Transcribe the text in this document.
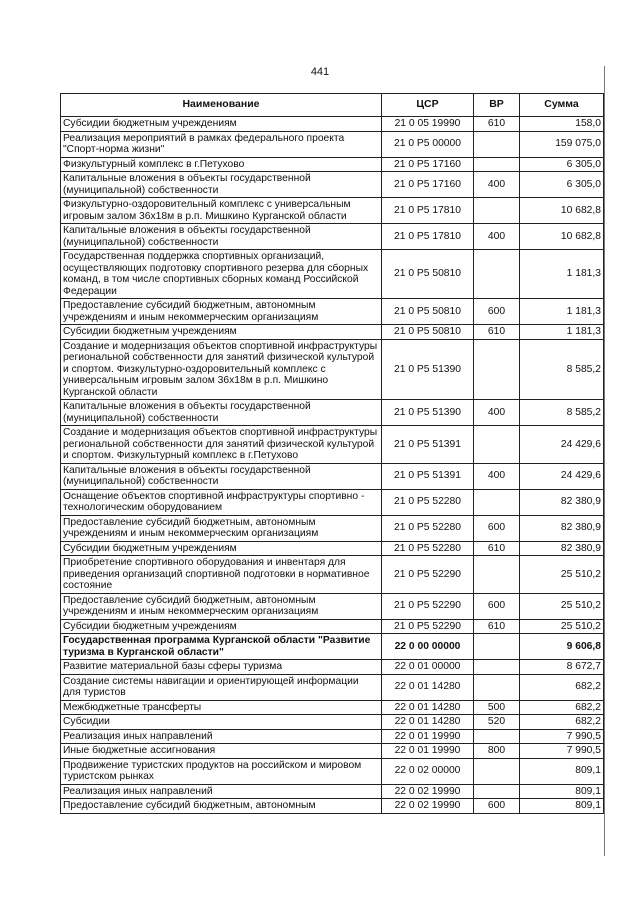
441
Наименование	ЦСР	ВР	Сумма
Субсидии бюджетным учреждениям	21 0 05 19990	610	158,0
Реализация мероприятий в рамках федерального проекта "Спорт-норма жизни"	21 0 P5 00000		159 075,0
Физкультурный комплекс в г.Петухово	21 0 P5 17160		6 305,0
Капитальные вложения в объекты государственной (муниципальной) собственности	21 0 P5 17160	400	6 305,0
Физкультурно-оздоровительный комплекс с универсальным игровым залом 36х18м в р.п. Мишкино Курганской области	21 0 P5 17810		10 682,8
Капитальные вложения в объекты государственной (муниципальной) собственности	21 0 P5 17810	400	10 682,8
Государственная поддержка спортивных организаций, осуществляющих подготовку спортивного резерва для сборных команд, в том числе спортивных сборных команд Российской Федерации	21 0 P5 50810		1 181,3
Предоставление субсидий бюджетным, автономным учреждениям и иным некоммерческим организациям	21 0 P5 50810	600	1 181,3
Субсидии бюджетным учреждениям	21 0 P5 50810	610	1 181,3
Создание и модернизация объектов спортивной инфраструктуры региональной собственности для занятий физической культурой и спортом. Физкультурно-оздоровительный комплекс с универсальным игровым залом 36х18м в р.п. Мишкино Курганской области	21 0 P5 51390		8 585,2
Капитальные вложения в объекты государственной (муниципальной) собственности	21 0 P5 51390	400	8 585,2
Создание и модернизация объектов спортивной инфраструктуры региональной собственности для занятий физической культурой и спортом. Физкультурный комплекс в г.Петухово	21 0 P5 51391		24 429,6
Капитальные вложения в объекты государственной (муниципальной) собственности	21 0 P5 51391	400	24 429,6
Оснащение объектов спортивной инфраструктуры спортивно - технологическим оборудованием	21 0 P5 52280		82 380,9
Предоставление субсидий бюджетным, автономным учреждениям и иным некоммерческим организациям	21 0 P5 52280	600	82 380,9
Субсидии бюджетным учреждениям	21 0 P5 52280	610	82 380,9
Приобретение спортивного оборудования и инвентаря для приведения организаций спортивной подготовки в нормативное состояние	21 0 P5 52290		25 510,2
Предоставление субсидий бюджетным, автономным учреждениям и иным некоммерческим организациям	21 0 P5 52290	600	25 510,2
Субсидии бюджетным учреждениям	21 0 P5 52290	610	25 510,2
Государственная программа Курганской области "Развитие туризма в Курганской области"	22 0 00 00000		9 606,8
Развитие материальной базы сферы туризма	22 0 01 00000		8 672,7
Создание системы навигации и ориентирующей информации для туристов	22 0 01 14280		682,2
Межбюджетные трансферты	22 0 01 14280	500	682,2
Субсидии	22 0 01 14280	520	682,2
Реализация иных направлений	22 0 01 19990		7 990,5
Иные бюджетные ассигнования	22 0 01 19990	800	7 990,5
Продвижение туристских продуктов на российском и мировом туристском рынках	22 0 02 00000		809,1
Реализация иных направлений	22 0 02 19990		809,1
Предоставление субсидий бюджетным, автономным	22 0 02 19990	600	809,1
